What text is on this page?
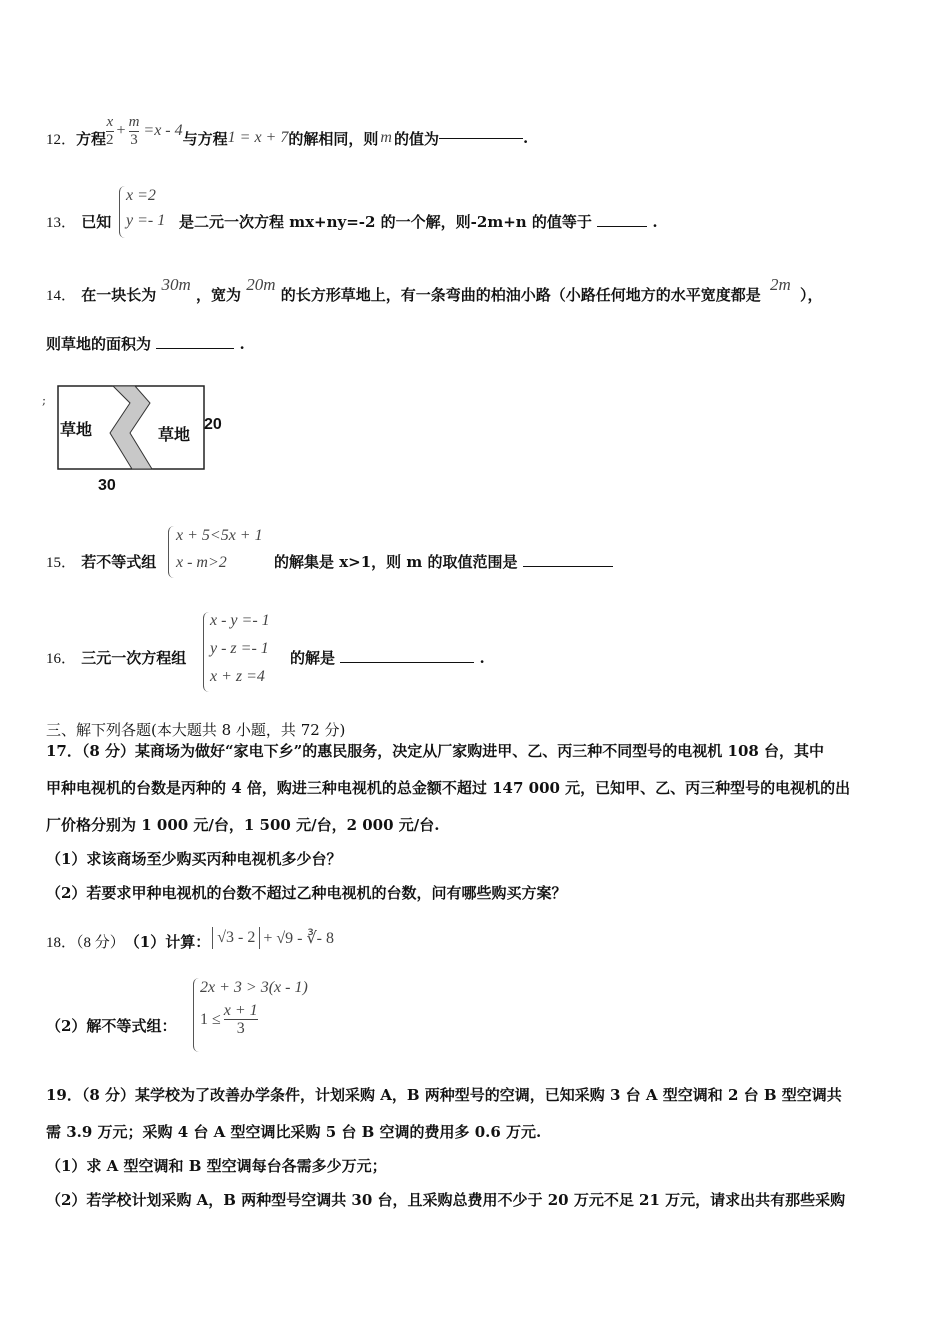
12． 方程 $\frac{x}{2} + \frac{m}{3} =x - 4$ 与方程 1 = x + 7 的解相同，则 m 的值为	.
x =2
y =- 1
13． 已知	是二元一次方程 mx+ny=-2 的一个解，则-2m+n 的值等于	.
14． 在一块长为 30m ，宽为 20m 的长方形草地上，有一条弯曲的柏油小路（小路任何地方的水平宽度都是 2m ），
则草地的面积为	.
;
草地	草地
20
30
x + 5<5x + 1
x - m>2
15． 若不等式组	的解集是 x>1，则 m 的取值范围是
x - y =- 1
y - z =- 1
x + z =4
16． 三元一次方程组	的解是	.
三、解下列各题(本大题共 8 小题，共 72 分)
17．（8 分）某商场为做好“家电下乡”的惠民服务，决定从厂家购进甲、乙、丙三种不同型号的电视机 108 台，其中
甲种电视机的台数是丙种的 4 倍，购进三种电视机的总金额不超过 147 000 元，已知甲、乙、丙三种型号的电视机的出
厂价格分别为 1 000 元/台，1 500 元/台，2 000 元/台.
（1）求该商场至少购买丙种电视机多少台？
（2）若要求甲种电视机的台数不超过乙种电视机的台数，问有哪些购买方案？
18．（8 分） （1）计算： √3 - 2 + √9 - ∛- 8
2x + 3 > 3(x - 1)
$1 \le \frac{x + 1}{3}$
（2）解不等式组：
19．（8 分）某学校为了改善办学条件，计划采购 A，B 两种型号的空调，已知采购 3 台 A 型空调和 2 台 B 型空调共
需 3.9 万元；采购 4 台 A 型空调比采购 5 台 B 空调的费用多 0.6 万元.
（1）求 A 型空调和 B 型空调每台各需多少万元；
（2）若学校计划采购 A，B 两种型号空调共 30 台，且采购总费用不少于 20 万元不足 21 万元，请求出共有那些采购
